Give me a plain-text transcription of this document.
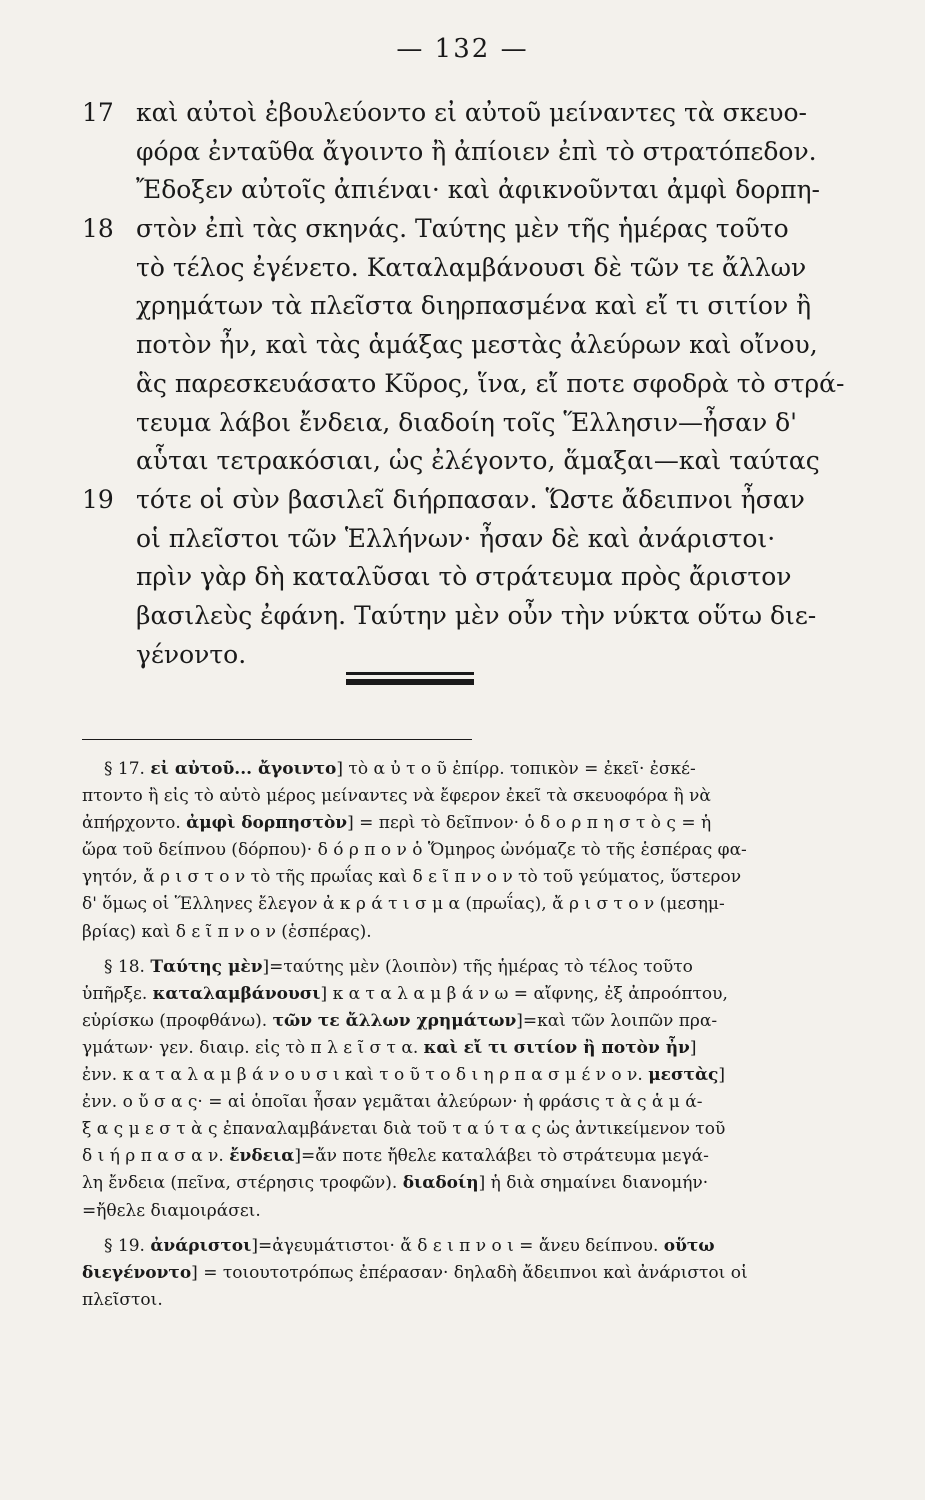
— 132 —
17 καὶ αὐτοὶ ἐβουλεύοντο εἰ αὐτοῦ μείναντες τὰ σκευο-
φόρα ἐνταῦθα ἄγοιντο ἢ ἀπίοιεν ἐπὶ τὸ στρατόπεδον.
Ἔδοξεν αὐτοῖς ἀπιέναι· καὶ ἀφικνοῦνται ἀμφὶ δορπη-
18 στὸν ἐπὶ τὰς σκηνάς. Ταύτης μὲν τῆς ἡμέρας τοῦτο
τὸ τέλος ἐγένετο. Καταλαμβάνουσι δὲ τῶν τε ἄλλων
χρημάτων τὰ πλεῖστα διηρπασμένα καὶ εἴ τι σιτίον ἢ
ποτὸν ἦν, καὶ τὰς ἁμάξας μεστὰς ἀλεύρων καὶ οἴνου,
ἃς παρεσκευάσατο Κῦρος, ἵνα, εἴ ποτε σφοδρὰ τὸ στρά-
τευμα λάβοι ἔνδεια, διαδοίη τοῖς Ἕλλησιν—ἦσαν δ'
αὗται τετρακόσιαι, ὡς ἐλέγοντο, ἅμαξαι—καὶ ταύτας
19 τότε οἱ σὺν βασιλεῖ διήρπασαν. Ὥστε ἄδειπνοι ἦσαν
οἱ πλεῖστοι τῶν Ἑλλήνων· ἦσαν δὲ καὶ ἀνάριστοι·
πρὶν γὰρ δὴ καταλῦσαι τὸ στράτευμα πρὸς ἄριστον
βασιλεὺς ἐφάνη. Ταύτην μὲν οὖν τὴν νύκτα οὕτω διε-
γένοντο.
§ 17. εἰ αὐτοῦ... ἄγοιντο] τὸ α ὐ τ ο ῦ ἐπίρρ. τοπικὸν = ἐκεῖ· ἐσκέ-
πτοντο ἢ εἰς τὸ αὐτὸ μέρος μείναντες νὰ ἔφερον ἐκεῖ τὰ σκευοφόρα ἢ νὰ
ἀπήρχοντο. ἀμφὶ δορπηστὸν] = περὶ τὸ δεῖπνον· ὁ δ ο ρ π η σ τ ὸ ς = ἡ
ὥρα τοῦ δείπνου (δόρπου)· δ ό ρ π ο ν ὁ Ὅμηρος ὠνόμαζε τὸ τῆς ἑσπέρας φα-
γητόν, ἄ ρ ι σ τ ο ν τὸ τῆς πρωΐας καὶ δ ε ῖ π ν ο ν τὸ τοῦ γεύματος, ὕστερον
δ' ὅμως οἱ Ἕλληνες ἔλεγον ἀ κ ρ ά τ ι σ μ α (πρωΐας), ἄ ρ ι σ τ ο ν (μεσημ-
βρίας) καὶ δ ε ῖ π ν ο ν (ἑσπέρας).
§ 18. Ταύτης μὲν]=ταύτης μὲν (λοιπὸν) τῆς ἡμέρας τὸ τέλος τοῦτο
ὑπῆρξε. καταλαμβάνουσι] κ α τ α λ α μ β ά ν ω = αἴφνης, ἐξ ἀπροόπτου,
εὑρίσκω (προφθάνω). τῶν τε ἄλλων χρημάτων]=καὶ τῶν λοιπῶν πρα-
γμάτων· γεν. διαιρ. εἰς τὸ π λ ε ῖ σ τ α. καὶ εἴ τι σιτίον ἢ ποτὸν ἦν]
ἐνν. κ α τ α λ α μ β ά ν ο υ σ ι καὶ τ ο ῦ τ ο δ ι η ρ π α σ μ έ ν ο ν. μεστὰς]
ἐνν. ο ὔ σ α ς· = αἱ ὁποῖαι ἦσαν γεμᾶται ἀλεύρων· ἡ φράσις τ ὰ ς ἁ μ ά-
ξ α ς μ ε σ τ ὰ ς ἐπαναλαμβάνεται διὰ τοῦ τ α ύ τ α ς ὡς ἀντικείμενον τοῦ
δ ι ή ρ π α σ α ν. ἔνδεια]=ἄν ποτε ἤθελε καταλάβει τὸ στράτευμα μεγά-
λη ἔνδεια (πεῖνα, στέρησις τροφῶν). διαδοίη] ἡ διὰ σημαίνει διανομήν·
=ἤθελε διαμοιράσει.
§ 19. ἀνάριστοι]=ἀγευμάτιστοι· ἄ δ ε ι π ν ο ι = ἄνευ δείπνου. οὕτω
διεγένοντο] = τοιουτοτρόπως ἐπέρασαν· δηλαδὴ ἄδειπνοι καὶ ἀνάριστοι οἱ
πλεῖστοι.
